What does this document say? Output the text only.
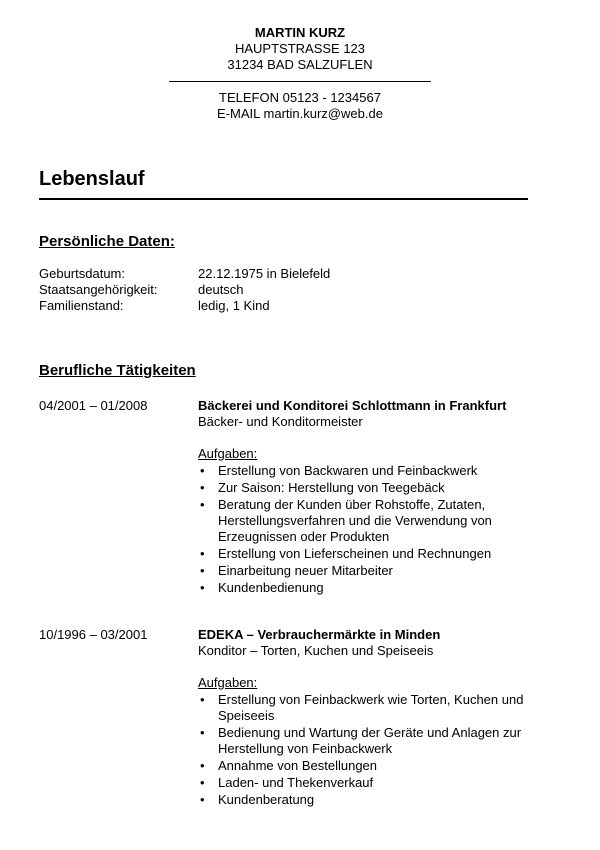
MARTIN KURZ
HAUPTSTRASSE 123
31234 BAD SALZUFLEN
TELEFON 05123 - 1234567
E-MAIL martin.kurz@web.de
Lebenslauf
Persönliche Daten:
Geburtsdatum:	22.12.1975 in Bielefeld
Staatsangehörigkeit:	deutsch
Familienstand:	ledig, 1 Kind
Berufliche Tätigkeiten
04/2001 – 01/2008	Bäckerei und Konditorei Schlottmann in Frankfurt
Bäcker- und Konditormeister
Aufgaben:
• Erstellung von Backwaren und Feinbackwerk
• Zur Saison: Herstellung von Teegebäck
• Beratung der Kunden über Rohstoffe, Zutaten, Herstellungsverfahren und die Verwendung von Erzeugnissen oder Produkten
• Erstellung von Lieferscheinen und Rechnungen
• Einarbeitung neuer Mitarbeiter
• Kundenbedienung
10/1996 – 03/2001	EDEKA – Verbrauchermärkte in Minden
Konditor – Torten, Kuchen und Speiseeis
Aufgaben:
• Erstellung von Feinbackwerk wie Torten, Kuchen und Speiseeis
• Bedienung und Wartung der Geräte und Anlagen zur Herstellung von Feinbackwerk
• Annahme von Bestellungen
• Laden- und Thekenverkauf
• Kundenberatung
